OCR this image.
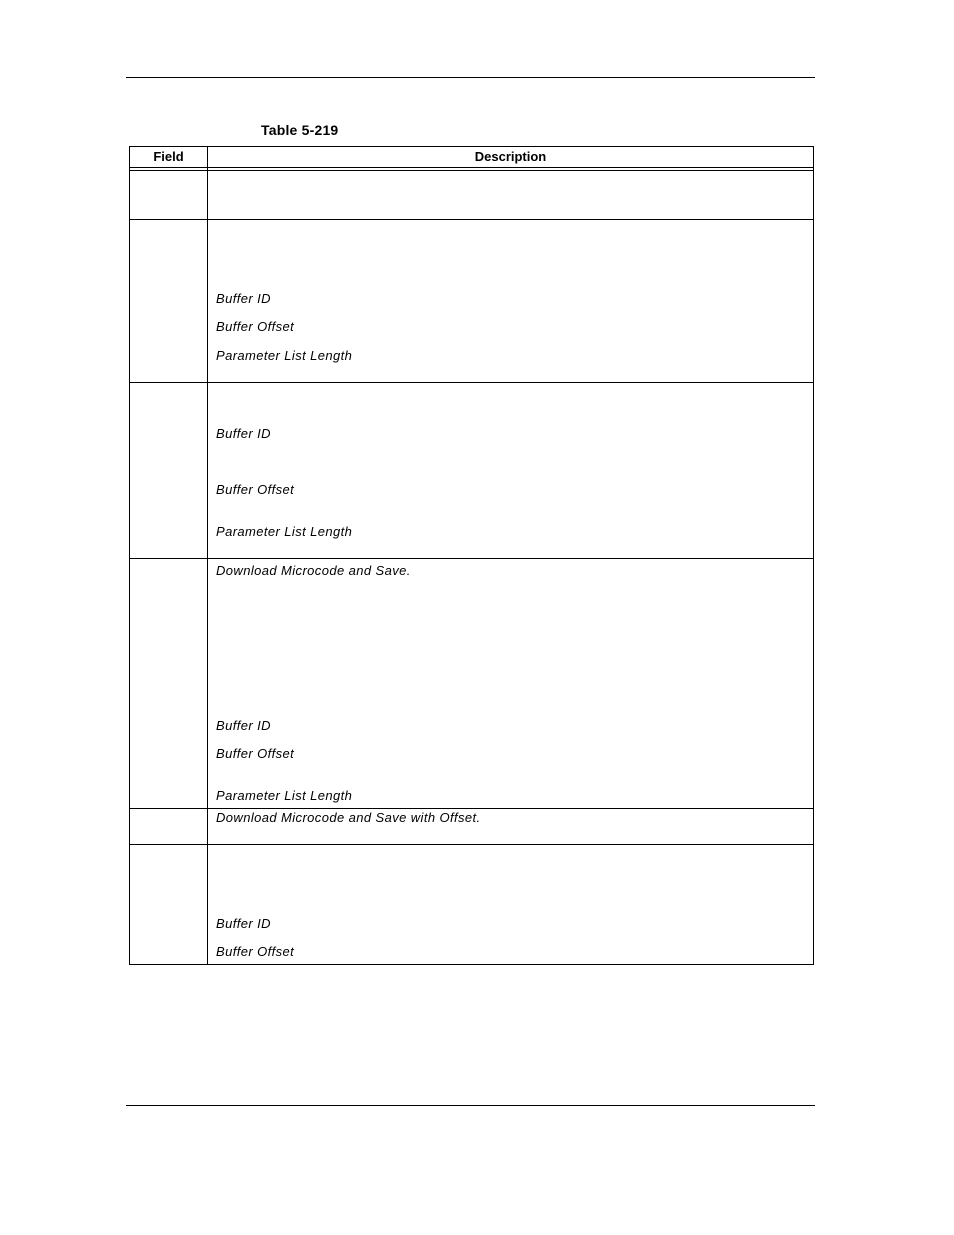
Table 5-219
Field	Description
Buffer ID
Buffer Offset
Parameter List Length
Buffer ID
Buffer Offset
Parameter List Length
Download Microcode and Save.
Buffer ID
Buffer Offset
Parameter List Length
Download Microcode and Save with Offset.
Buffer ID
Buffer Offset
